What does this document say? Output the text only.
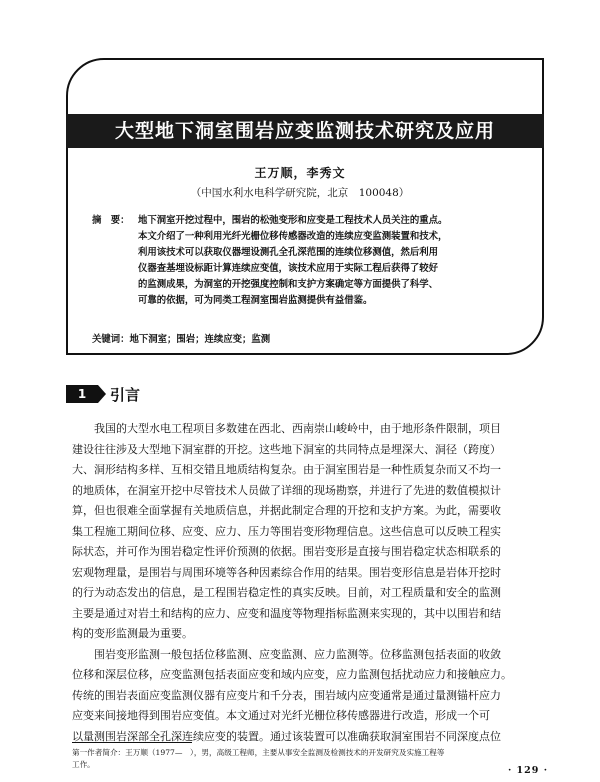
大型地下洞室围岩应变监测技术研究及应用
王万顺，李秀文
（中国水利水电科学研究院，北京　100048）
摘　要： 地下洞室开挖过程中，围岩的松弛变形和应变是工程技术人员关注的重点。
本文介绍了一种利用光纤光栅位移传感器改造的连续应变监测装置和技术，
利用该技术可以获取仪器埋设测孔全孔深范围的连续位移测值，然后利用
仪器查基埋设标距计算连续应变值，该技术应用于实际工程后获得了较好
的监测成果，为洞室的开挖强度控制和支护方案确定等方面提供了科学、
可靠的依据，可为同类工程洞室围岩监测提供有益借鉴。
关键词：地下洞室；围岩；连续应变；监测
1	引言
　　我国的大型水电工程项目多数建在西北、西南崇山峻岭中，由于地形条件限制，项目
建设往往涉及大型地下洞室群的开挖。这些地下洞室的共同特点是埋深大、洞径（跨度）
大、洞形结构多样、互相交错且地质结构复杂。由于洞室围岩是一种性质复杂而又不均一
的地质体，在洞室开挖中尽管技术人员做了详细的现场勘察，并进行了先进的数值模拟计
算，但也很难全面掌握有关地质信息，并据此制定合理的开挖和支护方案。为此，需要收
集工程施工期间位移、应变、应力、压力等围岩变形物理信息。这些信息可以反映工程实
际状态，并可作为围岩稳定性评价预测的依据。围岩变形是直接与围岩稳定状态相联系的
宏观物理量，是围岩与周围环境等各种因素综合作用的结果。围岩变形信息是岩体开挖时
的行为动态发出的信息，是工程围岩稳定性的真实反映。目前，对工程质量和安全的监测
主要是通过对岩土和结构的应力、应变和温度等物理指标监测来实现的，其中以围岩和结
构的变形监测最为重要。
　　围岩变形监测一般包括位移监测、应变监测、应力监测等。位移监测包括表面的收敛
位移和深层位移，应变监测包括表面应变和域内应变，应力监测包括扰动应力和接触应力。
传统的围岩表面应变监测仪器有应变片和千分表，围岩域内应变通常是通过量测锚杆应力
应变来间接地得到围岩应变值。本文通过对光纤光栅位移传感器进行改造，形成一个可
以量测围岩深部全孔深连续应变的装置。通过该装置可以准确获取洞室围岩不同深度点位
第一作者简介：王万顺（1977—　），男，高级工程师，主要从事安全监测及检测技术的开发研究及实施工程等
工作。
· 129 ·
